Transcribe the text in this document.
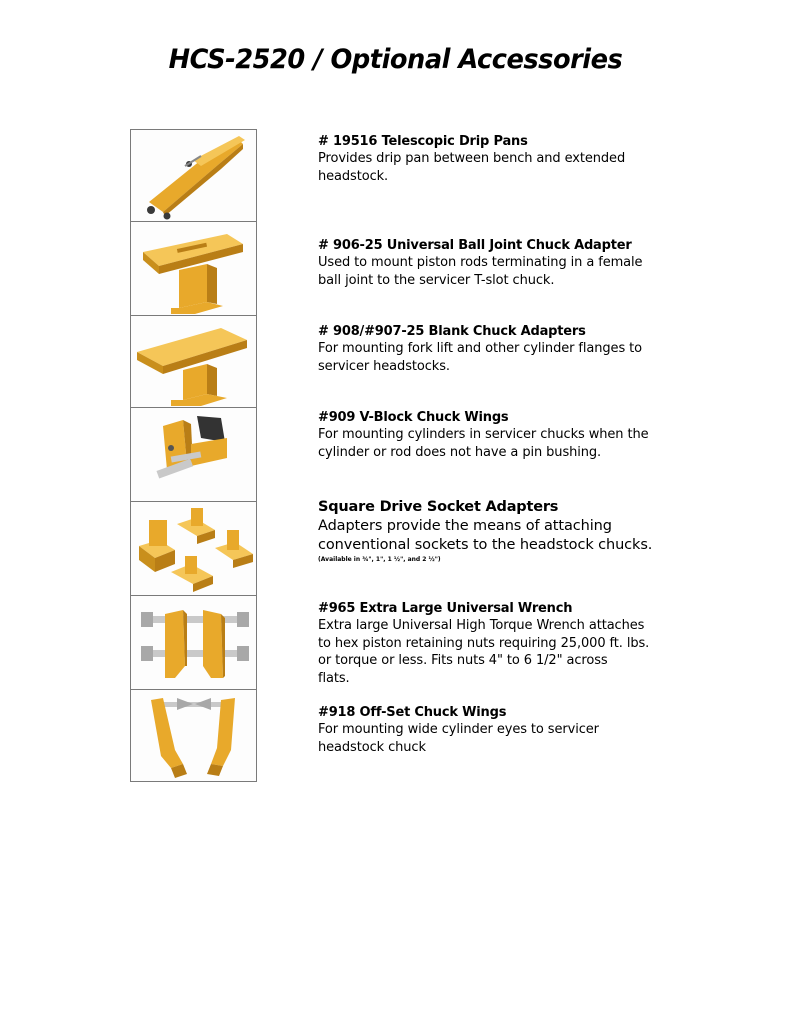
HCS-2520 / Optional Accessories
# 19516 Telescopic Drip Pans
Provides drip pan between bench and extended
headstock.
# 906-25 Universal Ball Joint Chuck Adapter
Used to mount piston rods terminating in a female
ball joint to the servicer T-slot chuck.
# 908/#907-25 Blank Chuck Adapters
For mounting fork lift and other cylinder flanges to
servicer headstocks.
#909 V-Block Chuck Wings
For mounting cylinders in servicer chucks when the
cylinder or rod does not have a pin bushing.
Square Drive Socket Adapters
Adapters provide the means of attaching
conventional sockets to the headstock chucks.
(Available in ¾", 1", 1 ½", and 2 ½")
#965 Extra Large Universal Wrench
Extra large Universal High Torque Wrench attaches
to hex piston retaining nuts requiring 25,000 ft. lbs.
or torque or less. Fits nuts 4" to 6 1/2" across
flats.
#918 Off-Set Chuck Wings
For mounting wide cylinder eyes to servicer
headstock chuck
